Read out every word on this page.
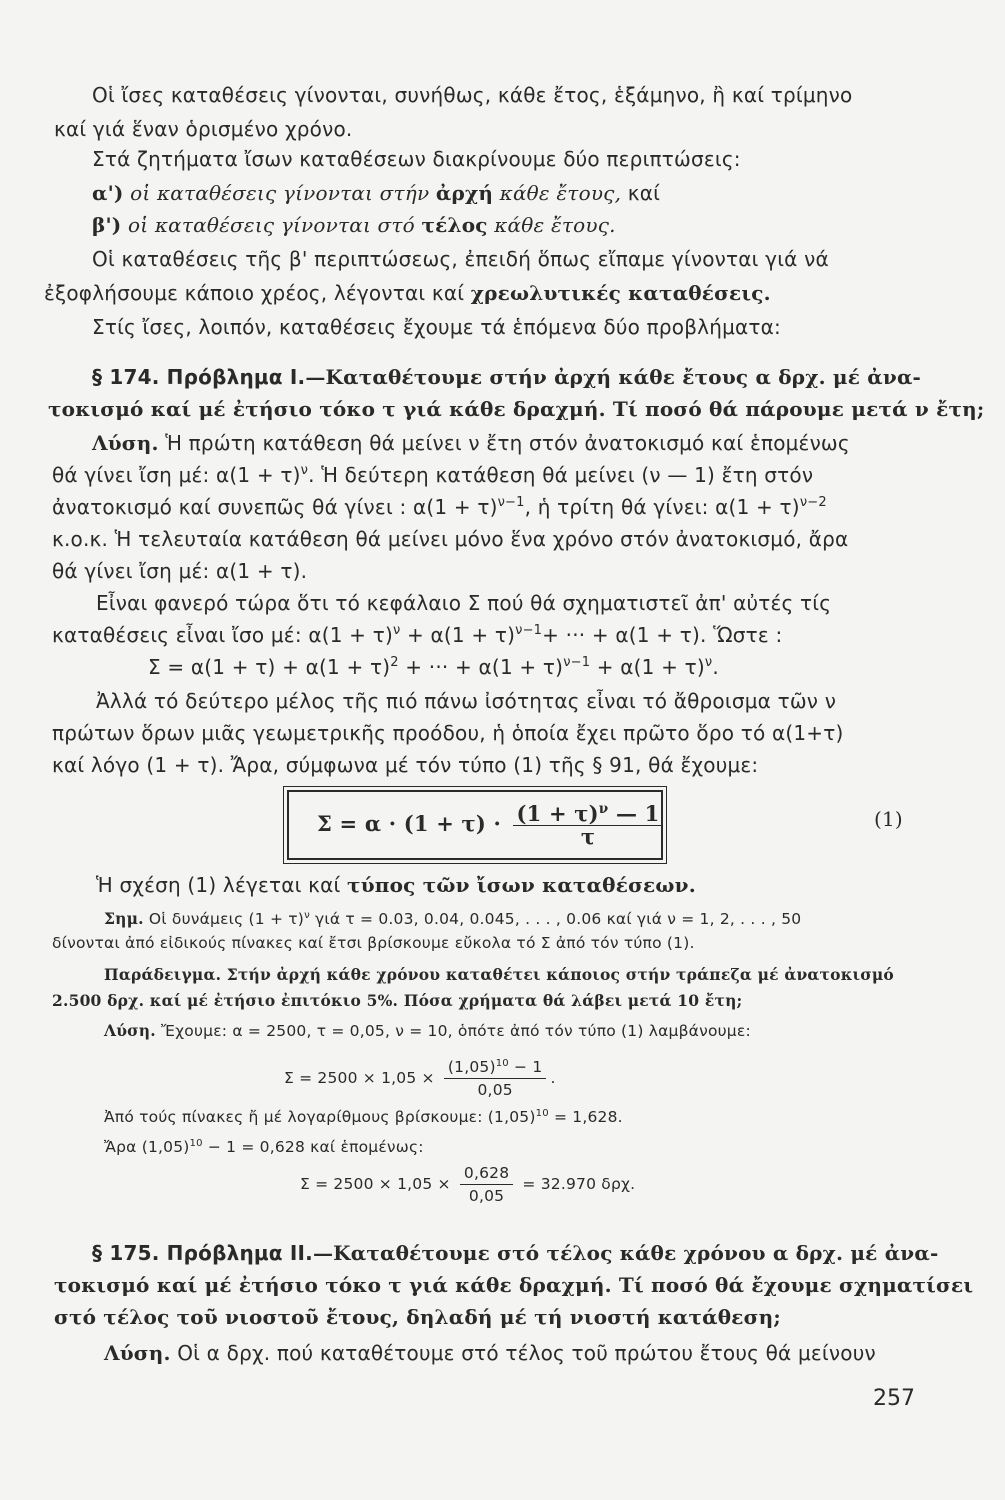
Οἱ ἴσες καταθέσεις γίνονται, συνήθως, κάθε ἔτος, ἑξάμηνο, ἢ καί τρίμηνο
καί γιά ἕναν ὁρισμένο χρόνο.
Στά ζητήματα ἴσων καταθέσεων διακρίνουμε δύο περιπτώσεις:
α') οἱ καταθέσεις γίνονται στήν ἀρχή κάθε ἔτους, καί
β') οἱ καταθέσεις γίνονται στό τέλος κάθε ἔτους.
Οἱ καταθέσεις τῆς β' περιπτώσεως, ἐπειδή ὅπως εἴπαμε γίνονται γιά νά
ἐξοφλήσουμε κάποιο χρέος, λέγονται καί χρεωλυτικές καταθέσεις.
Στίς ἴσες, λοιπόν, καταθέσεις ἔχουμε τά ἑπόμενα δύο προβλήματα:
§ 174. Πρόβλημα I.—Καταθέτουμε στήν ἀρχή κάθε ἔτους α δρχ. μέ ἀνα-
τοκισμό καί μέ ἐτήσιο τόκο τ γιά κάθε δραχμή. Τί ποσό θά πάρουμε μετά ν ἔτη;
Λύση. Ἡ πρώτη κατάθεση θά μείνει ν ἔτη στόν ἀνατοκισμό καί ἑπομένως
θά γίνει ἴση μέ: $\alpha(1 + \tau)^\nu$. Ἡ δεύτερη κατάθεση θά μείνει (ν — 1) ἔτη στόν
ἀνατοκισμό καί συνεπῶς θά γίνει : $\alpha(1 + \tau)^{\nu-1}$, ἡ τρίτη θά γίνει: $\alpha(1 + \tau)^{\nu-2}$
κ.ο.κ. Ἡ τελευταία κατάθεση θά μείνει μόνο ἕνα χρόνο στόν ἀνατοκισμό, ἄρα
θά γίνει ἴση μέ: α(1 + τ).
Εἶναι φανερό τώρα ὅτι τό κεφάλαιο Σ πού θά σχηματιστεῖ ἀπ' αὐτές τίς
καταθέσεις εἶναι ἴσο μέ: $\alpha(1 + \tau)^\nu + \alpha(1 + \tau)^{\nu-1}+$ ··· + α(1 + τ). Ὥστε :
$\Sigma = \alpha(1 + \tau) + \alpha(1 + \tau)^2$ + ··· + $\alpha(1 + \tau)^{\nu-1} + \alpha(1 + \tau)^\nu$.
Ἀλλά τό δεύτερο μέλος τῆς πιό πάνω ἰσότητας εἶναι τό ἄθροισμα τῶν ν
πρώτων ὅρων μιᾶς γεωμετρικῆς προόδου, ἡ ὁποία ἔχει πρῶτο ὅρο τό α(1+τ)
καί λόγο (1 + τ). Ἄρα, σύμφωνα μέ τόν τύπο (1) τῆς § 91, θά ἔχουμε:
$\Sigma = \alpha \cdot (1 + \tau) \cdot \frac{(1 + \tau)^\nu — 1}{\tau}$	(1)
Ἡ σχέση (1) λέγεται καί τύπος τῶν ἴσων καταθέσεων.
Σημ. Οἱ δυνάμεις $(1 + \tau)^\nu$ γιά τ = 0.03, 0.04, 0.045, . . . , 0.06 καί γιά ν = 1, 2, . . . , 50
δίνονται ἀπό εἰδικούς πίνακες καί ἔτσι βρίσκουμε εὔκολα τό Σ ἀπό τόν τύπο (1).
Παράδειγμα. Στήν ἀρχή κάθε χρόνου καταθέτει κάποιος στήν τράπεζα μέ ἀνατοκισμό
2.500 δρχ. καί μέ ἐτήσιο ἐπιτόκιο 5%. Πόσα χρήματα θά λάβει μετά 10 ἔτη;
Λύση. Ἔχουμε: α = 2500, τ = 0,05, ν = 10, ὁπότε ἀπό τόν τύπο (1) λαμβάνουμε:
$\Sigma = 2500 \times 1,05 \times \frac{(1,05)^{10} - 1}{0,05}$ .
Ἀπό τούς πίνακες ἤ μέ λογαρίθμους βρίσκουμε: $(1,05)^{10} = 1,628$.
Ἄρα $(1,05)^{10} - 1 = 0,628$ καί ἑπομένως:
$\Sigma = 2500 \times 1,05 \times \frac{0,628}{0,05} = 32.970$ δρχ.
§ 175. Πρόβλημα II.—Καταθέτουμε στό τέλος κάθε χρόνου α δρχ. μέ ἀνα-
τοκισμό καί μέ ἐτήσιο τόκο τ γιά κάθε δραχμή. Τί ποσό θά ἔχουμε σχηματίσει
στό τέλος τοῦ νιοστοῦ ἔτους, δηλαδή μέ τή νιοστή κατάθεση;
Λύση. Οἱ α δρχ. πού καταθέτουμε στό τέλος τοῦ πρώτου ἔτους θά μείνουν
257
